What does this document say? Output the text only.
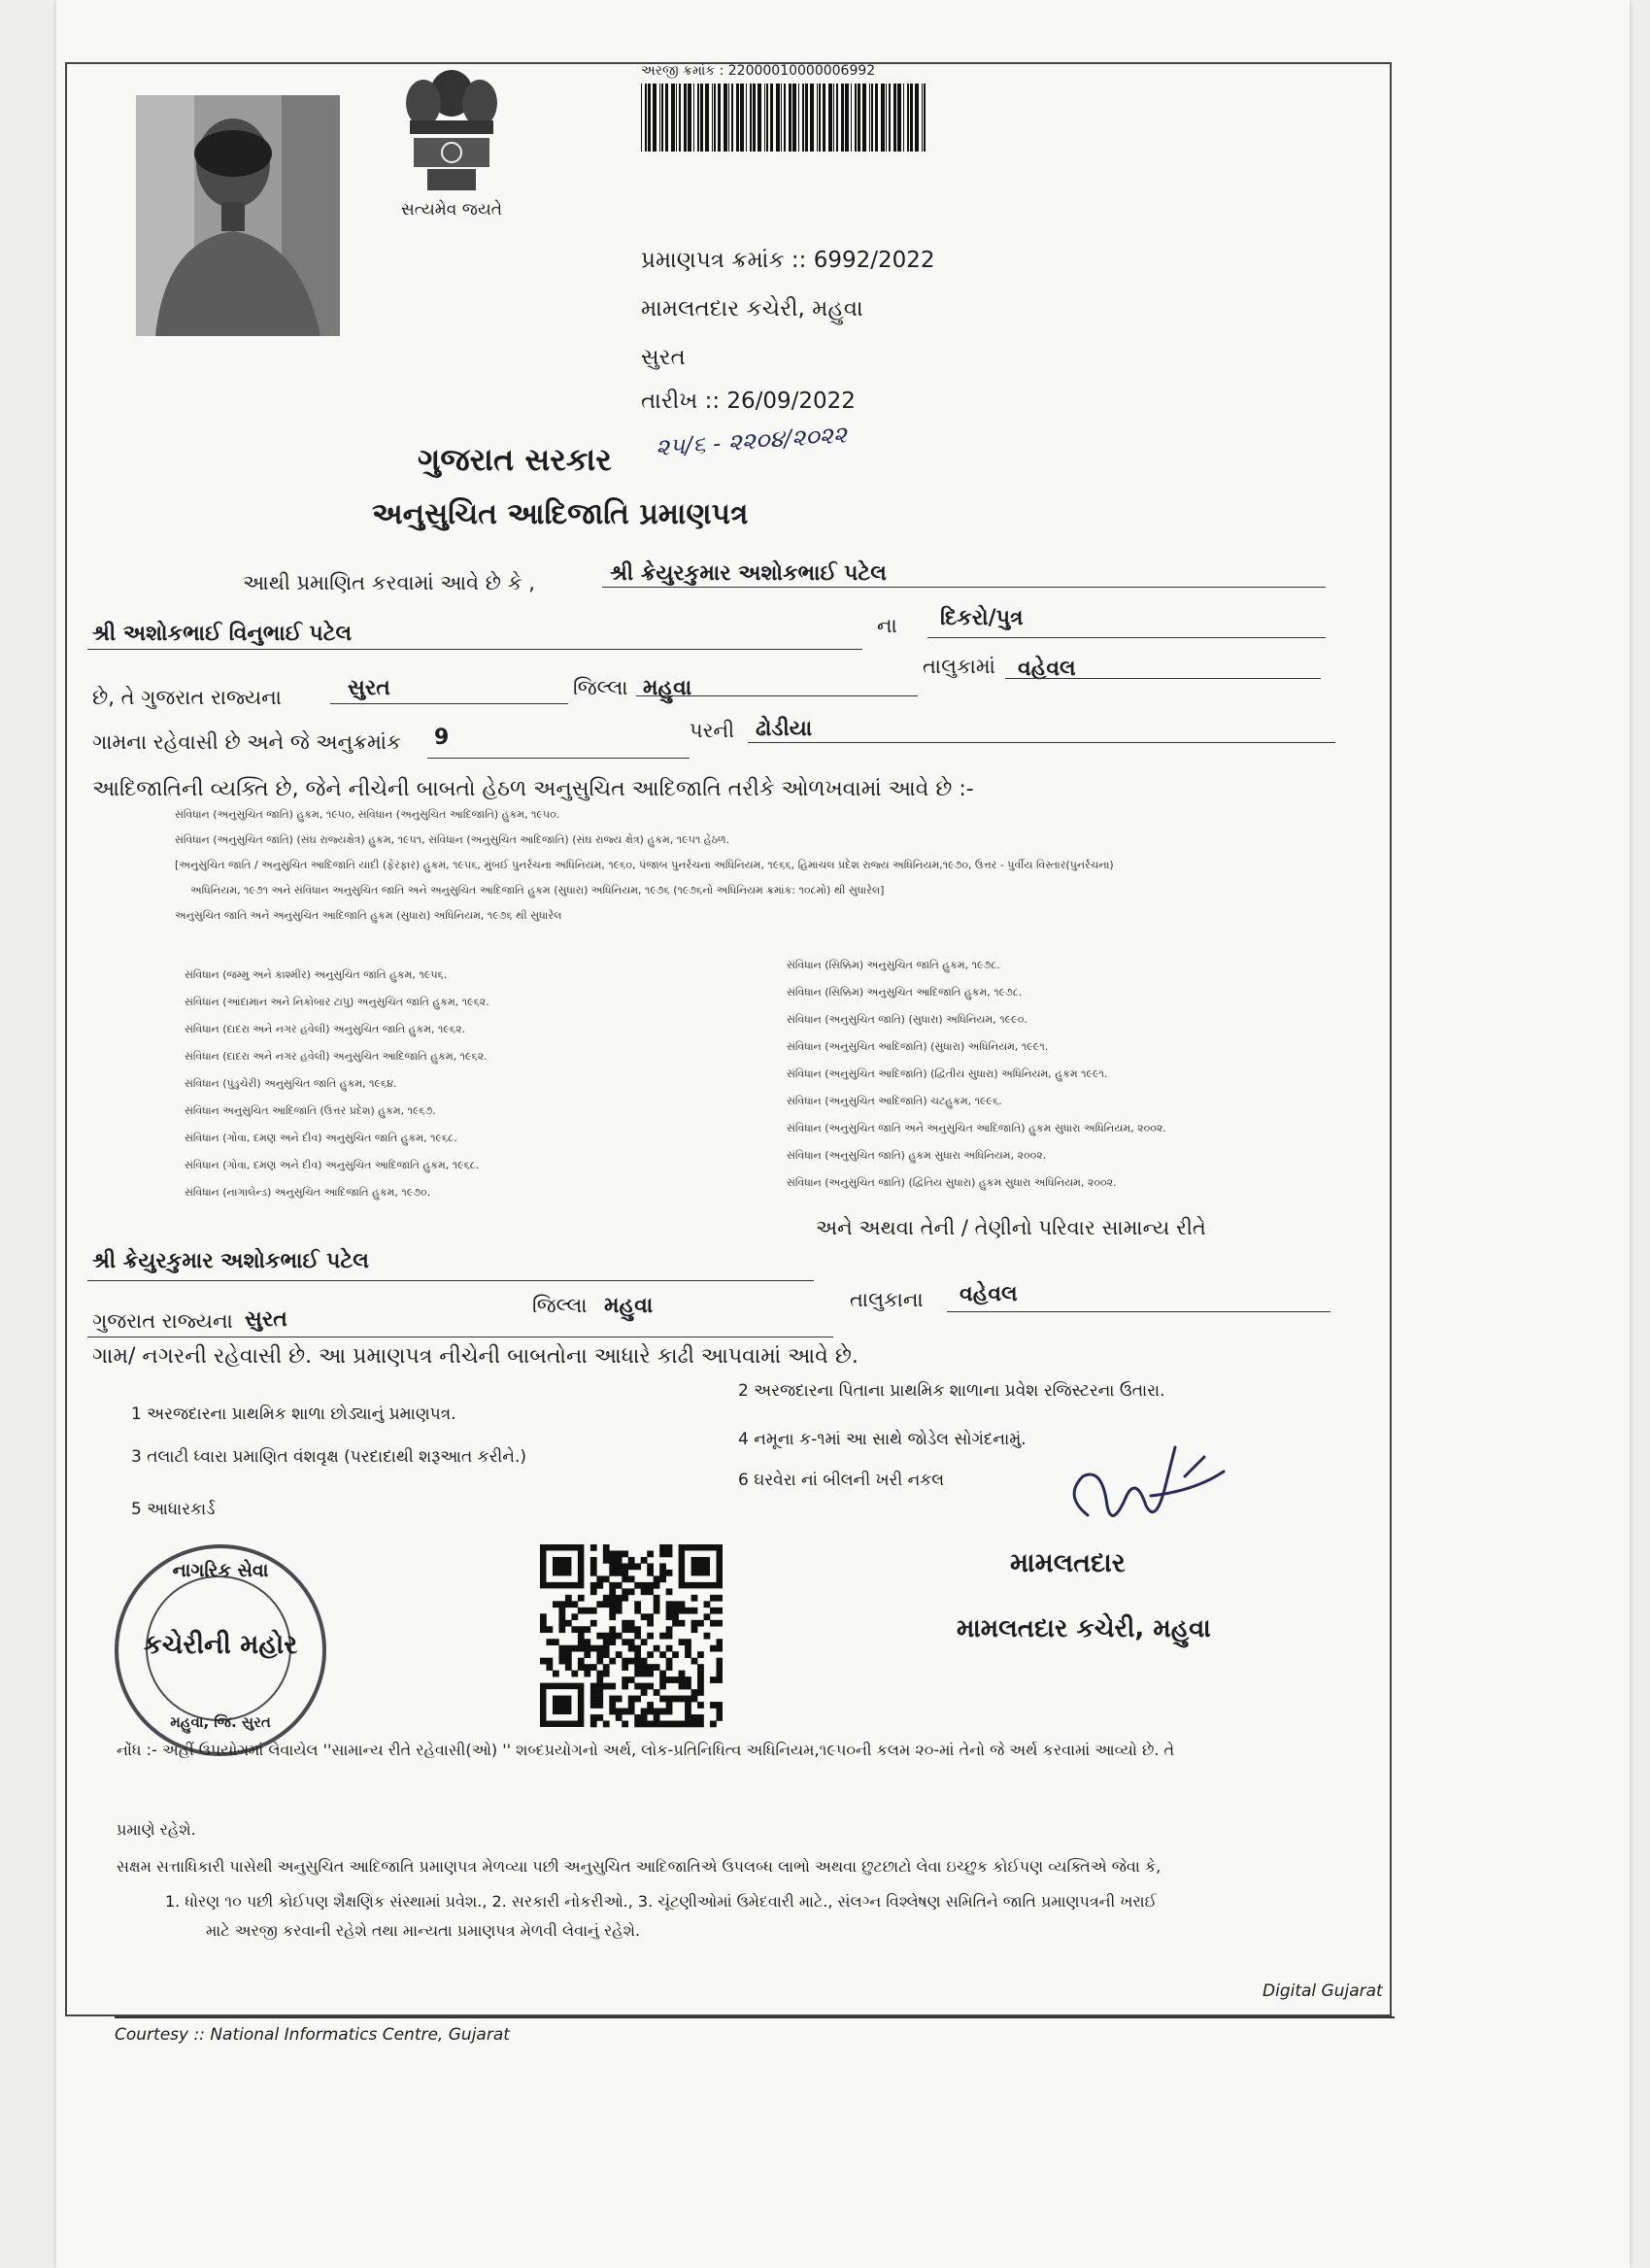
સત્યમેવ જયતે
અરજી ક્રમાંક : 22000010000006992
પ્રમાણપત્ર ક્રમાંક :: 6992/2022
મામલતદાર કચેરી, મહુવા
સુરત
તારીખ :: 26/09/2022
૨૫/૬ - ૨૨૦૪/૨૦૨૨
ગુજરાત સરકાર
અનુસુચિત આદિજાતિ પ્રમાણપત્ર
આથી પ્રમાણિત કરવામાં આવે છે કે ,	શ્રી ક્રેયુરકુમાર અશોકભાઈ પટેલ
શ્રી અશોકભાઈ વિનુભાઈ પટેલ	ના દિકરો/પુત્ર
છે, તે ગુજરાત રાજ્યના	સુરત	જિલ્લા મહુવા
તાલુકામાં વહેવલ
ગામના રહેવાસી છે અને જે અનુક્રમાંક 9	પરની ઢોડીયા
આદિજાતિની વ્યક્તિ છે, જેને નીચેની બાબતો હેઠળ અનુસુચિત આદિજાતિ તરીકે ઓળખવામાં આવે છે :-
સંવિધાન (અનુસુચિત જાતિ) હુકમ, ૧૯૫૦, સંવિધાન (અનુસુચિત આદિજાતિ) હુકમ, ૧૯૫૦.
સંવિધાન (અનુસુચિત જાતિ) (સંઘ રાજ્યક્ષેત્ર) હુકમ, ૧૯૫૧, સંવિધાન (અનુસુચિત આદિજાતિ) (સંઘ રાજ્ય ક્ષેત્ર) હુકમ, ૧૯૫૧ હેઠળ.
[અનુસુચિત જાતિ / અનુસુચિત આદિજાતિ યાદી (ફેરફાર) હુકમ, ૧૯૫૬, મુંબઈ પુનર્રચના અધિનિયમ, ૧૯૬૦, પંજાબ પુનર્રચના અધિનિયમ, ૧૯૬૬, હિમાચલ પ્રદેશ રાજ્ય અધિનિયમ,૧૯૭૦, ઉત્તર - પુર્વીય વિસ્તાર(પુનર્રચના)
અધિનિયમ, ૧૯૭૧ અને સંવિધાન અનુસુચિત જાતિ અને અનુસુચિત આદિજાતિ હુકમ (સુધારા) અધિનિયમ, ૧૯૭૬ (૧૯૭૬નો અધિનિયમ ક્રમાંક: ૧૦૮મો) થી સુધારેલ]
અનુસુચિત જાતિ અને અનુસુચિત આદિજાતિ હુકમ (સુધારા) અધિનિયમ, ૧૯૭૬ થી સુધારેલ
સંવિધાન (જમ્મુ અને કાશ્મીર) અનુસુચિત જાતિ હુકમ, ૧૯૫૬.
સંવિધાન (આંદામાન અને નિકોબાર ટાપુ) અનુસુચિત જાતિ હુકમ, ૧૯૬૨.
સંવિધાન (દાદરા અને નગર હવેલી) અનુસુચિત જાતિ હુકમ, ૧૯૬૨.
સંવિધાન (દાદરા અને નગર હવેલી) અનુસુચિત આદિજાતિ હુકમ, ૧૯૬૨.
સંવિધાન (પુંડુચેરી) અનુસુચિત જાતિ હુકમ, ૧૯૬૪.
સંવિધાન અનુસુચિત આદિજાતિ (ઉત્તર પ્રદેશ) હુકમ, ૧૯૬૭.
સંવિધાન (ગોવા, દમણ અને દીવ) અનુસુચિત જાતિ હુકમ, ૧૯૬૮.
સંવિધાન (ગોવા, દમણ અને દીવ) અનુસુચિત આદિજાતિ હુકમ, ૧૯૬૮.
સંવિધાન (નાગાલેન્ડ) અનુસુચિત આદિજાતિ હુકમ, ૧૯૭૦.
સંવિધાન (સિક્કિમ) અનુસુચિત જાતિ હુકમ, ૧૯૭૮.
સંવિધાન (સિક્કિમ) અનુસુચિત આદિજાતિ હુકમ, ૧૯૭૮.
સંવિધાન (અનુસુચિત જાતિ) (સુધારા) અધિનિયમ, ૧૯૯૦.
સંવિધાન (અનુસુચિત આદિજાતિ) (સુધારા) અધિનિયમ, ૧૯૯૧.
સંવિધાન (અનુસુચિત આદિજાતિ) (દ્વિતીય સુધારા) અધિનિયમ, હુકમ ૧૯૯૧.
સંવિધાન (અનુસુચિત આદિજાતિ) ચટહુકમ, ૧૯૯૬.
સંવિધાન (અનુસુચિત જાતિ અને અનુસુચિત આદિજાતિ) હુકમ સુધારા અધિનિયમ, ૨૦૦૨.
સંવિધાન (અનુસુચિત જાતિ) હુકમ સુધારા અધિનિયમ, ૨૦૦૨.
સંવિધાન (અનુસુચિત જાતિ) (દ્વિતિય સુધારા) હુકમ સુધારા અધિનિયમ, ૨૦૦૨.
અને અથવા તેની / તેણીનો પરિવાર સામાન્ય રીતે
શ્રી ક્રેયુરકુમાર અશોકભાઈ પટેલ
ગુજરાત રાજ્યના સુરત
જિલ્લા મહુવા	તાલુકાના વહેવલ
ગામ/ નગરની રહેવાસી છે. આ પ્રમાણપત્ર નીચેની બાબતોના આધારે કાઢી આપવામાં આવે છે.
1 અરજદારના પ્રાથમિક શાળા છોડ્યાનું પ્રમાણપત્ર.
2 અરજદારના પિતાના પ્રાથમિક શાળાના પ્રવેશ રજિસ્ટરના ઉતારા.
3 તલાટી ધ્વારા પ્રમાણિત વંશવૃક્ષ (પરદાદાથી શરૂઆત કરીને.)
4 નમૂના ક-૧માં આ સાથે જોડેલ સોગંદનામું.
5 આધારકાર્ડ
6 ઘરવેરા નાં બીલની ખરી નકલ
નાગરિક સેવા
કચેરીની મહોર
મહુવા, જિ. સુરત
મામલતદાર
મામલતદાર કચેરી, મહુવા
નોંધ :- અહીં ઉપયોગમાં લેવાયેલ ''સામાન્ય રીતે રહેવાસી(ઓ) '' શબ્દપ્રયોગનો અર્થ, લોક-પ્રતિનિધિત્વ અધિનિયમ,૧૯૫૦ની કલમ ૨૦-માં તેનો જે અર્થ કરવામાં આવ્યો છે. તે
પ્રમાણે રહેશે.
સક્ષમ સત્તાધિકારી પાસેથી અનુસુચિત આદિજાતિ પ્રમાણપત્ર મેળવ્યા પછી અનુસુચિત આદિજાતિએ ઉપલબ્ધ લાભો અથવા છુટછાટો લેવા ઇચ્છુક કોઈપણ વ્યક્તિએ જેવા કે,
1. ધોરણ ૧૦ પછી કોઈપણ શૈક્ષણિક સંસ્થામાં પ્રવેશ., 2. સરકારી નોકરીઓ., 3. ચૂંટણીઓમાં ઉમેદવારી માટે., સંલગ્ન વિશ્લેષણ સમિતિને જાતિ પ્રમાણપત્રની ખરાઈ
માટે અરજી કરવાની રહેશે તથા માન્યતા પ્રમાણપત્ર મેળવી લેવાનું રહેશે.
Digital Gujarat
Courtesy :: National Informatics Centre, Gujarat
